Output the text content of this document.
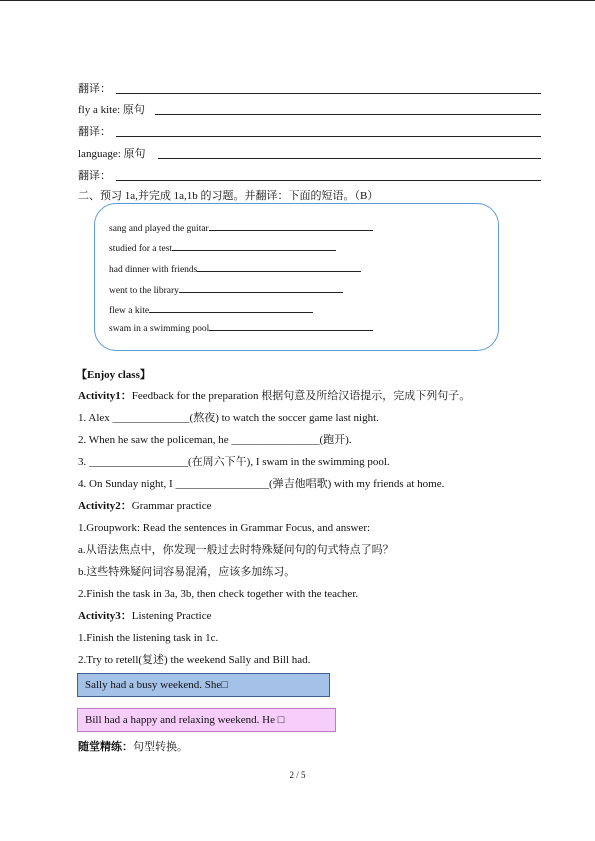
翻译：
fly a kite: 原句
翻译：
language: 原句
翻译：
二、预习 1a,并完成 1a,1b 的习题。并翻译：下面的短语。（B）
sang and played the guitar
studied for a test
had dinner with friends
went to the library
flew a kite
swam in a swimming pool
【Enjoy class】
Activity1：Feedback for the preparation 根据句意及所给汉语提示，完成下列句子。
1. Alex ______________(熬夜) to watch the soccer game last night.
2. When he saw the policeman, he ________________(跑开).
3. __________________(在周六下午), I swam in the swimming pool.
4. On Sunday night, I _________________(弹吉他唱歌) with my friends at home.
Activity2：Grammar practice
1.Groupwork: Read the sentences in Grammar Focus, and answer:
a.从语法焦点中，你发现一般过去时特殊疑问句的句式特点了吗？
b.这些特殊疑问词容易混淆，应该多加练习。
2.Finish the task in 3a, 3b, then check together with the teacher.
Activity3：Listening Practice
1.Finish the listening task in 1c.
2.Try to retell(复述) the weekend Sally and Bill had.
Sally had a busy weekend. She□
Bill had a happy and relaxing weekend. He □
随堂精练：句型转换。
2 / 5
